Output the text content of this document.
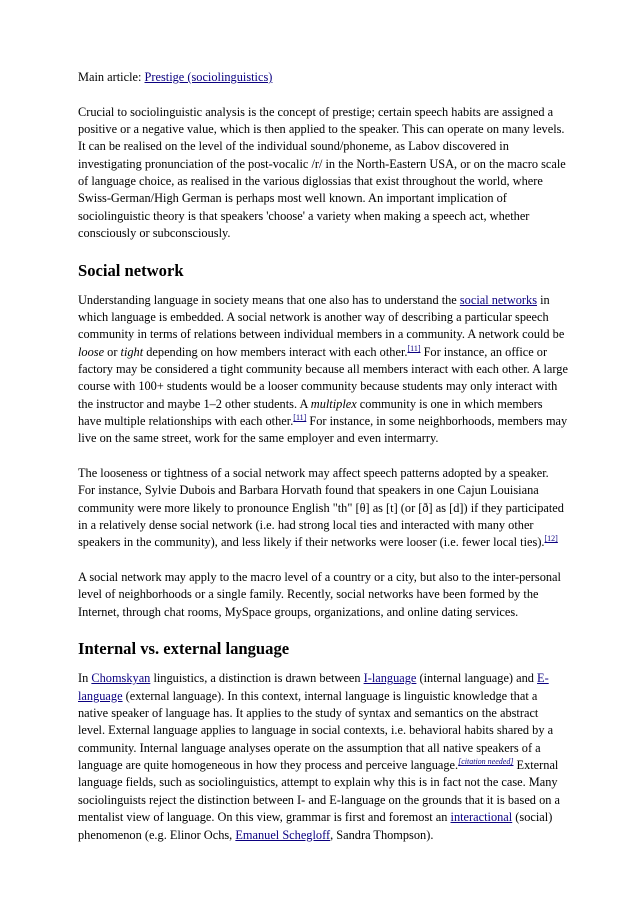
Main article: Prestige (sociolinguistics)

Crucial to sociolinguistic analysis is the concept of prestige; certain speech habits are assigned a positive or a negative value, which is then applied to the speaker. This can operate on many levels. It can be realised on the level of the individual sound/phoneme, as Labov discovered in investigating pronunciation of the post-vocalic /r/ in the North-Eastern USA, or on the macro scale of language choice, as realised in the various diglossias that exist throughout the world, where Swiss-German/High German is perhaps most well known. An important implication of sociolinguistic theory is that speakers 'choose' a variety when making a speech act, whether consciously or subconsciously.

Social network

Understanding language in society means that one also has to understand the social networks in which language is embedded. A social network is another way of describing a particular speech community in terms of relations between individual members in a community. A network could be loose or tight depending on how members interact with each other.[11] For instance, an office or factory may be considered a tight community because all members interact with each other. A large course with 100+ students would be a looser community because students may only interact with the instructor and maybe 1–2 other students. A multiplex community is one in which members have multiple relationships with each other.[11] For instance, in some neighborhoods, members may live on the same street, work for the same employer and even intermarry.

The looseness or tightness of a social network may affect speech patterns adopted by a speaker. For instance, Sylvie Dubois and Barbara Horvath found that speakers in one Cajun Louisiana community were more likely to pronounce English "th" [θ] as [t] (or [ð] as [d]) if they participated in a relatively dense social network (i.e. had strong local ties and interacted with many other speakers in the community), and less likely if their networks were looser (i.e. fewer local ties).[12]

A social network may apply to the macro level of a country or a city, but also to the inter-personal level of neighborhoods or a single family. Recently, social networks have been formed by the Internet, through chat rooms, MySpace groups, organizations, and online dating services.

Internal vs. external language

In Chomskyan linguistics, a distinction is drawn between I-language (internal language) and E-language (external language). In this context, internal language is linguistic knowledge that a native speaker of language has. It applies to the study of syntax and semantics on the abstract level. External language applies to language in social contexts, i.e. behavioral habits shared by a community. Internal language analyses operate on the assumption that all native speakers of a language are quite homogeneous in how they process and perceive language.[citation needed] External language fields, such as sociolinguistics, attempt to explain why this is in fact not the case. Many sociolinguists reject the distinction between I- and E-language on the grounds that it is based on a mentalist view of language. On this view, grammar is first and foremost an interactional (social) phenomenon (e.g. Elinor Ochs, Emanuel Schegloff, Sandra Thompson).
